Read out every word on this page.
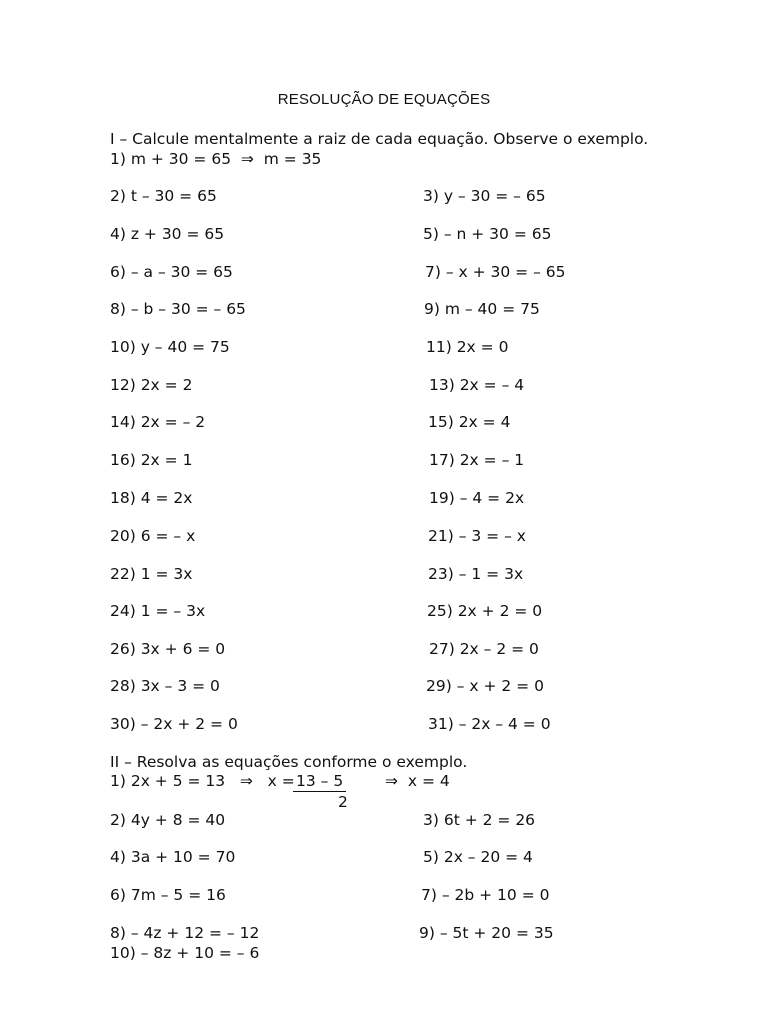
RESOLUÇÃO DE EQUAÇÕES
I – Calcule mentalmente a raiz de cada equação. Observe o exemplo.
1) m + 30 = 65  ⇒  m = 35
2) t – 30 = 65	3) y – 30 = – 65
4) z + 30 = 65	5) – n + 30 = 65
6) – a – 30 = 65	7) – x + 30 = – 65
8) – b – 30 = – 65	9) m – 40 = 75
10) y – 40 = 75	11) 2x = 0
12) 2x = 2	13) 2x = – 4
14) 2x = – 2	15) 2x = 4
16) 2x = 1	17) 2x = – 1
18) 4 = 2x	19) – 4 = 2x
20) 6 = – x	21) – 3 = – x
22) 1 = 3x	23) – 1 = 3x
24) 1 = – 3x	25) 2x + 2 = 0
26) 3x + 6 = 0	27) 2x – 2 = 0
28) 3x – 3 = 0	29) – x + 2 = 0
30) – 2x + 2 = 0	31) – 2x – 4 = 0
II – Resolva as equações conforme o exemplo.

1) 2x + 5 = 13   ⇒   x =

13 – 5

2

⇒  x = 4

2) 4y + 8 = 40	3) 6t + 2 = 26
4) 3a + 10 = 70	5) 2x – 20 = 4
6) 7m – 5 = 16	7) – 2b + 10 = 0
8) – 4z + 12 = – 12	9) – 5t + 20 = 35
10) – 8z + 10 = – 6
